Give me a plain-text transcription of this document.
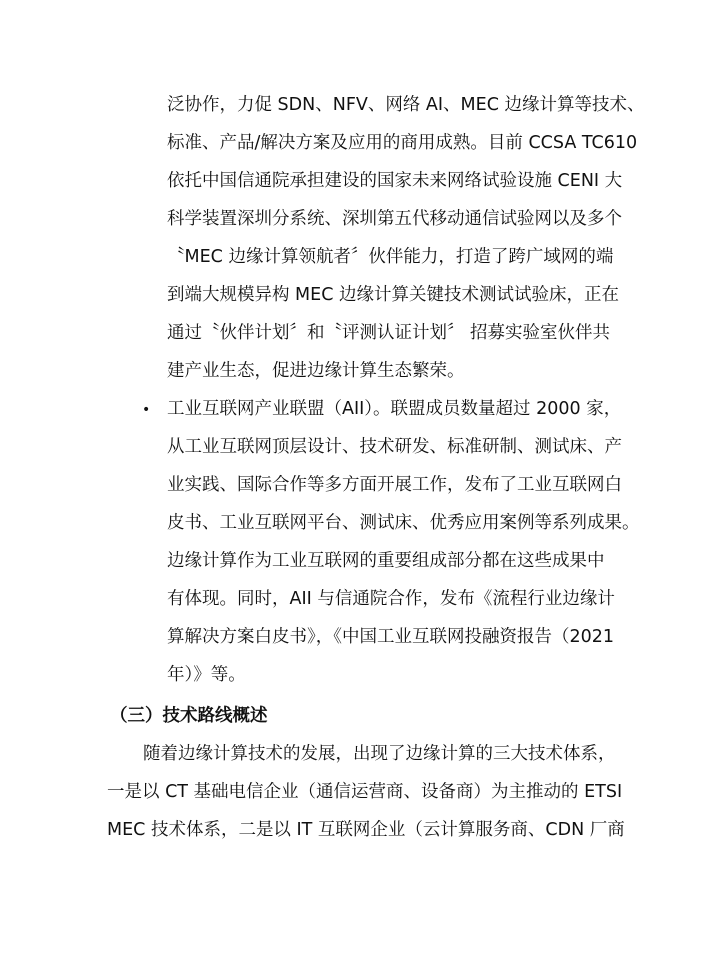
泛协作，力促 SDN、NFV、网络 AI、MEC 边缘计算等技术、
标准、产品/解决方案及应用的商用成熟。目前 CCSA TC610
依托中国信通院承担建设的国家未来网络试验设施 CENI 大
科学装置深圳分系统、深圳第五代移动通信试验网以及多个
〝MEC 边缘计算领航者〞伙伴能力，打造了跨广域网的端
到端大规模异构 MEC 边缘计算关键技术测试试验床，正在
通过〝伙伴计划〞和〝评测认证计划〞 招募实验室伙伴共
建产业生态，促进边缘计算生态繁荣。
• 工业互联网产业联盟（AII）。联盟成员数量超过 2000 家，
从工业互联网顶层设计、技术研发、标准研制、测试床、产
业实践、国际合作等多方面开展工作，发布了工业互联网白
皮书、工业互联网平台、测试床、优秀应用案例等系列成果。
边缘计算作为工业互联网的重要组成部分都在这些成果中
有体现。同时，AII 与信通院合作，发布《流程行业边缘计
算解决方案白皮书》，《中国工业互联网投融资报告（2021
年）》等。
（三）技术路线概述
随着边缘计算技术的发展，出现了边缘计算的三大技术体系，
一是以 CT 基础电信企业（通信运营商、设备商）为主推动的 ETSI
MEC 技术体系，二是以 IT 互联网企业（云计算服务商、CDN 厂商
